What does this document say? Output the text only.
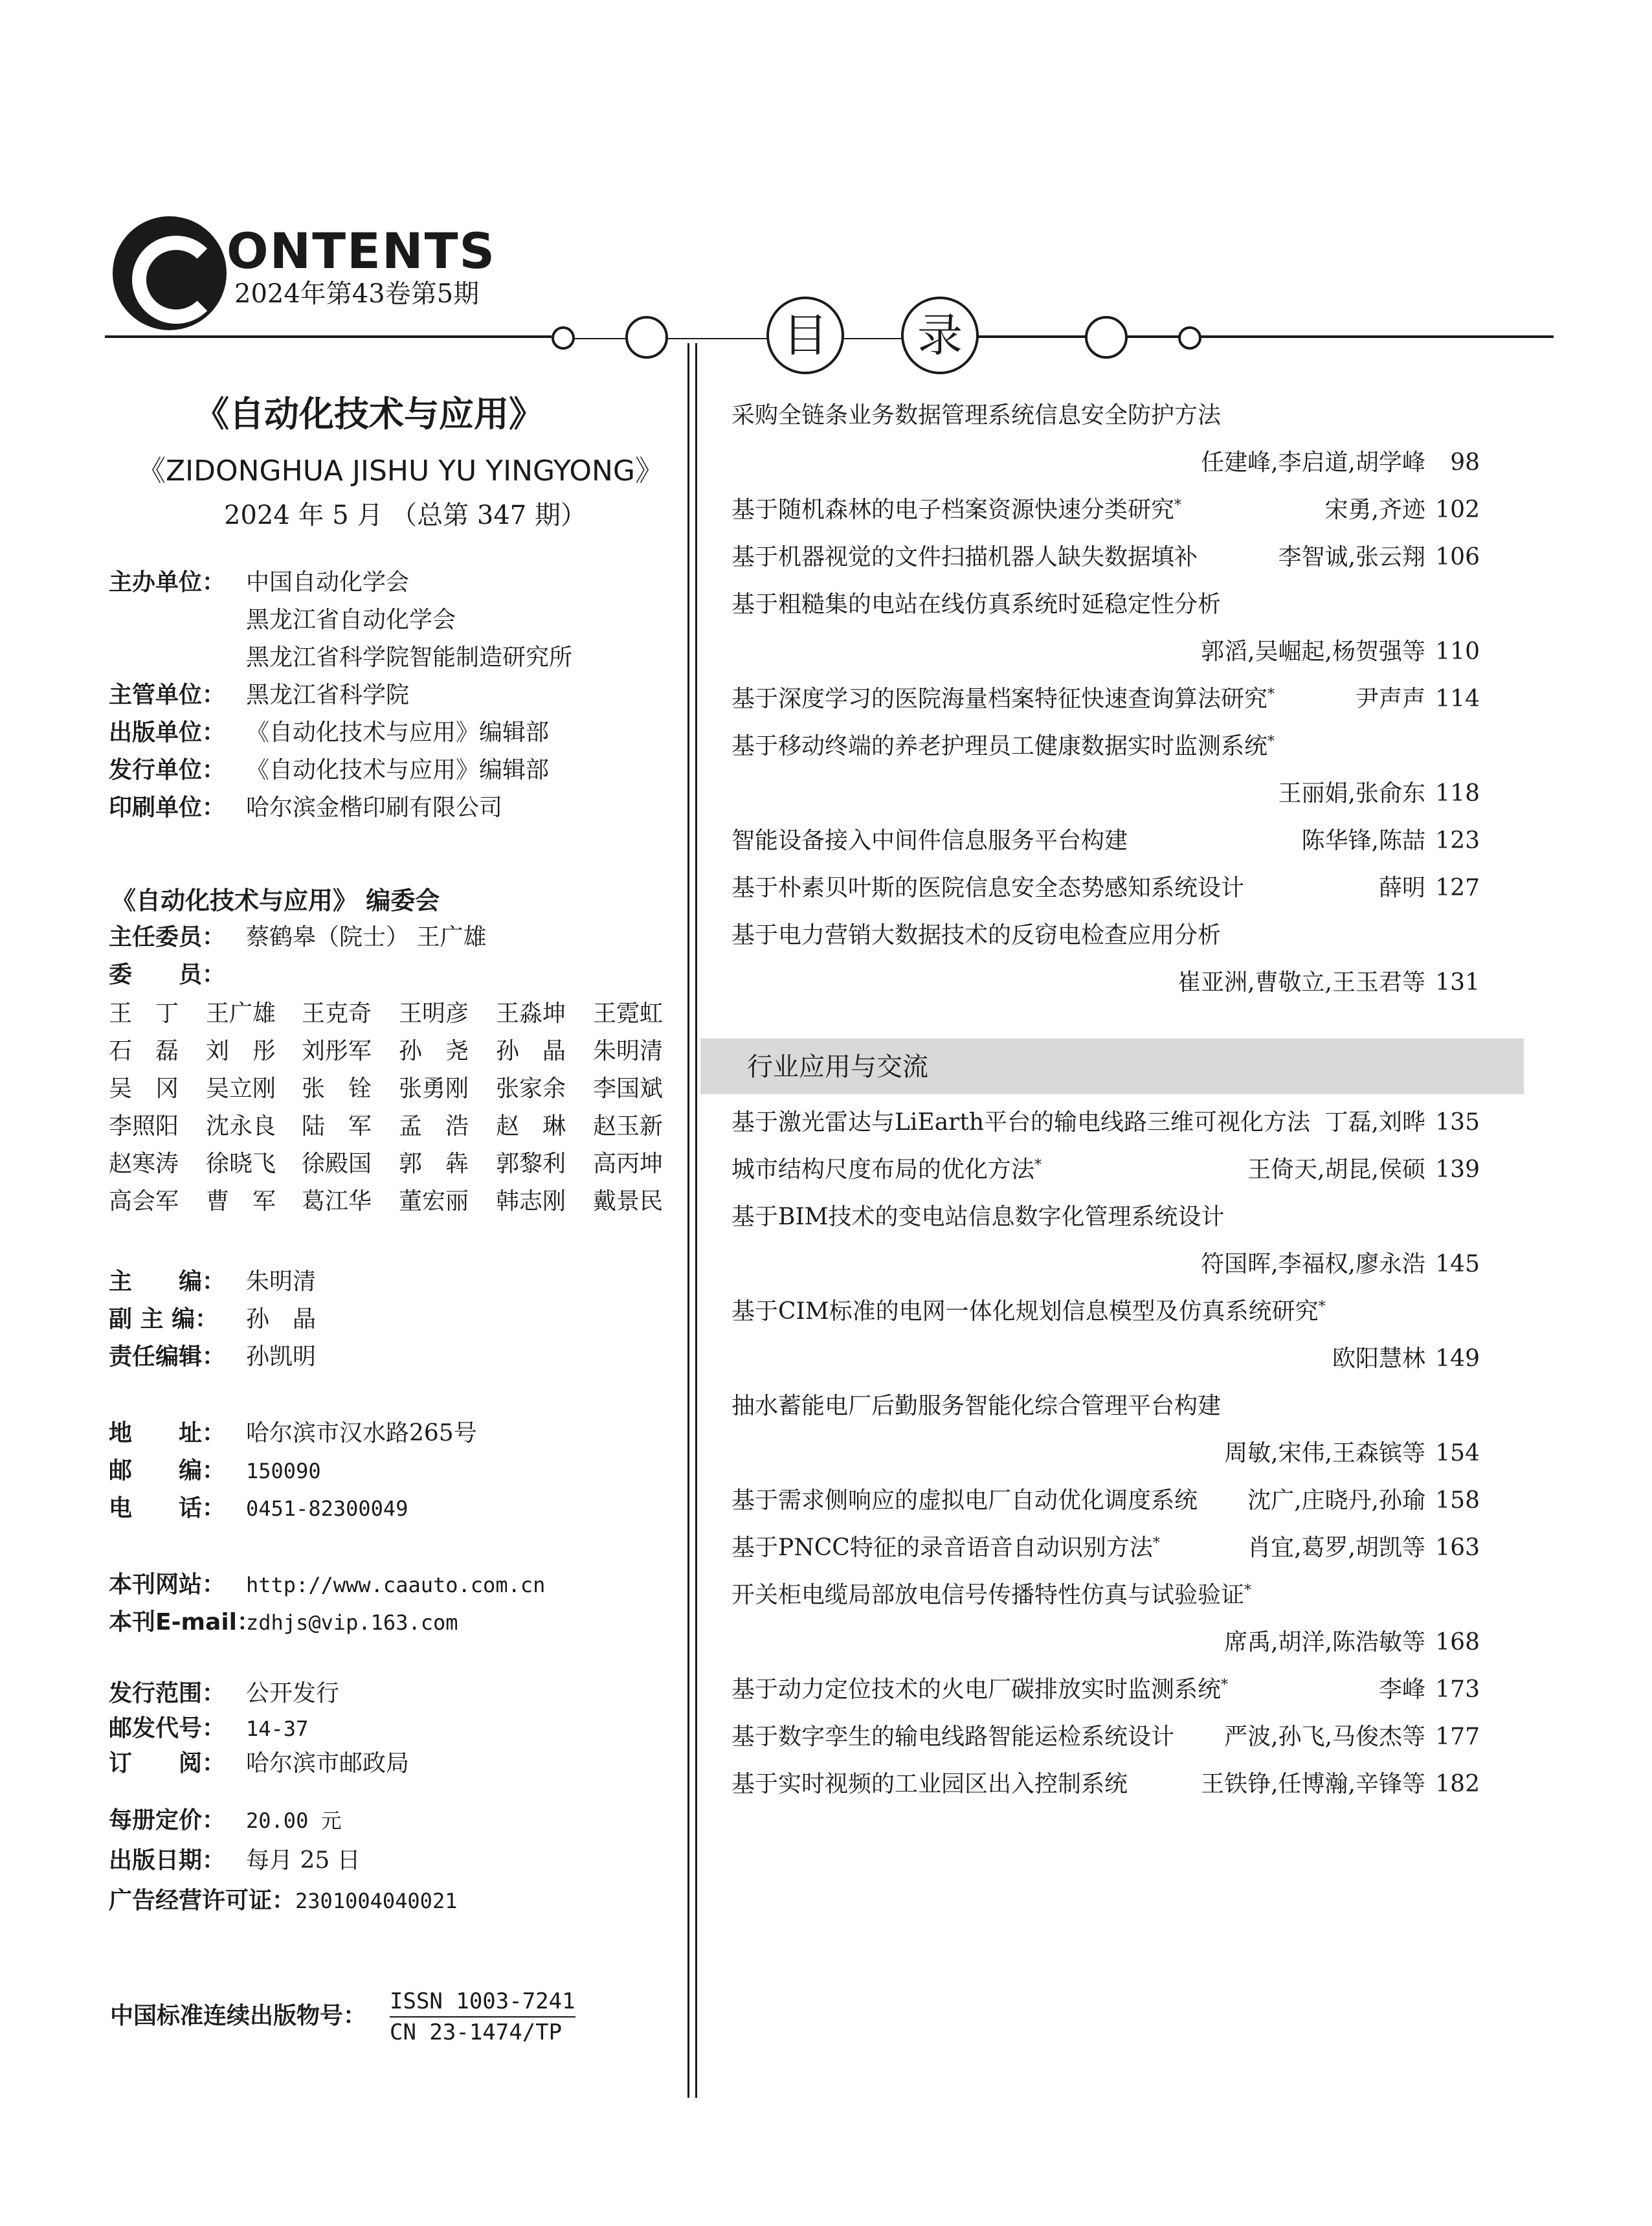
ONTENTS

2024年第43卷第5期

目	录
《自动化技术与应用》

《ZIDONGHUA JISHU YU YINGYONG》

2024 年 5 月 （总第 347 期）

主办单位： 中国自动化学会

黑龙江省自动化学会

黑龙江省科学院智能制造研究所

主管单位： 黑龙江省科学院

出版单位： 《自动化技术与应用》编辑部

发行单位： 《自动化技术与应用》编辑部

印刷单位： 哈尔滨金楷印刷有限公司

《自动化技术与应用》 编委会

主任委员： 蔡鹤皋（院士） 王广雄

委　　员：

王　丁 王广雄 王克奇 王明彦 王淼坤 王霓虹
石　磊 刘　彤 刘彤军 孙　尧 孙　晶 朱明清
吴　冈 吴立刚 张　铨 张勇刚 张家余 李国斌
李照阳 沈永良 陆　军 孟　浩 赵　琳 赵玉新
赵寒涛 徐晓飞 徐殿国 郭　犇 郭黎利 高丙坤
高会军 曹　军 葛江华 董宏丽 韩志刚 戴景民

主　　编： 朱明清

副 主 编： 孙　晶

责任编辑： 孙凯明

地　　址： 哈尔滨市汉水路265号

邮　　编： 150090

电　　话： 0451-82300049

本刊网站： http://www.caauto.com.cn

本刊E-mail：zdhjs@vip.163.com

发行范围： 公开发行

邮发代号： 14-37

订　　阅： 哈尔滨市邮政局

每册定价： 20.00 元

出版日期： 每月 25 日

广告经营许可证：2301004040021

中国标准连续出版物号：
ISSN 1003-7241
CN 23-1474/TP

采购全链条业务数据管理系统信息安全防护方法

任建峰,李启道,胡学峰 98

基于随机森林的电子档案资源快速分类研究*	宋勇,齐迹 102

基于机器视觉的文件扫描机器人缺失数据填补	李智诚,张云翔 106

基于粗糙集的电站在线仿真系统时延稳定性分析

郭滔,吴崛起,杨贺强等 110

基于深度学习的医院海量档案特征快速查询算法研究*	尹声声 114

基于移动终端的养老护理员工健康数据实时监测系统*

王丽娟,张俞东 118

智能设备接入中间件信息服务平台构建	陈华锋,陈喆 123

基于朴素贝叶斯的医院信息安全态势感知系统设计	薛明 127

基于电力营销大数据技术的反窃电检查应用分析

崔亚洲,曹敬立,王玉君等 131

行业应用与交流

基于激光雷达与LiEarth平台的输电线路三维可视化方法 丁磊,刘晔 135

城市结构尺度布局的优化方法*	王倚天,胡昆,侯硕 139

基于BIM技术的变电站信息数字化管理系统设计

符国晖,李福权,廖永浩 145

基于CIM标准的电网一体化规划信息模型及仿真系统研究*

欧阳慧林 149

抽水蓄能电厂后勤服务智能化综合管理平台构建

周敏,宋伟,王森镔等 154

基于需求侧响应的虚拟电厂自动优化调度系统	沈广,庄晓丹,孙瑜 158

基于PNCC特征的录音语音自动识别方法*	肖宜,葛罗,胡凯等 163

开关柜电缆局部放电信号传播特性仿真与试验验证*

席禹,胡洋,陈浩敏等 168

基于动力定位技术的火电厂碳排放实时监测系统*	李峰 173

基于数字孪生的输电线路智能运检系统设计	严波,孙飞,马俊杰等 177

基于实时视频的工业园区出入控制系统	王铁铮,任博瀚,辛锋等 182
